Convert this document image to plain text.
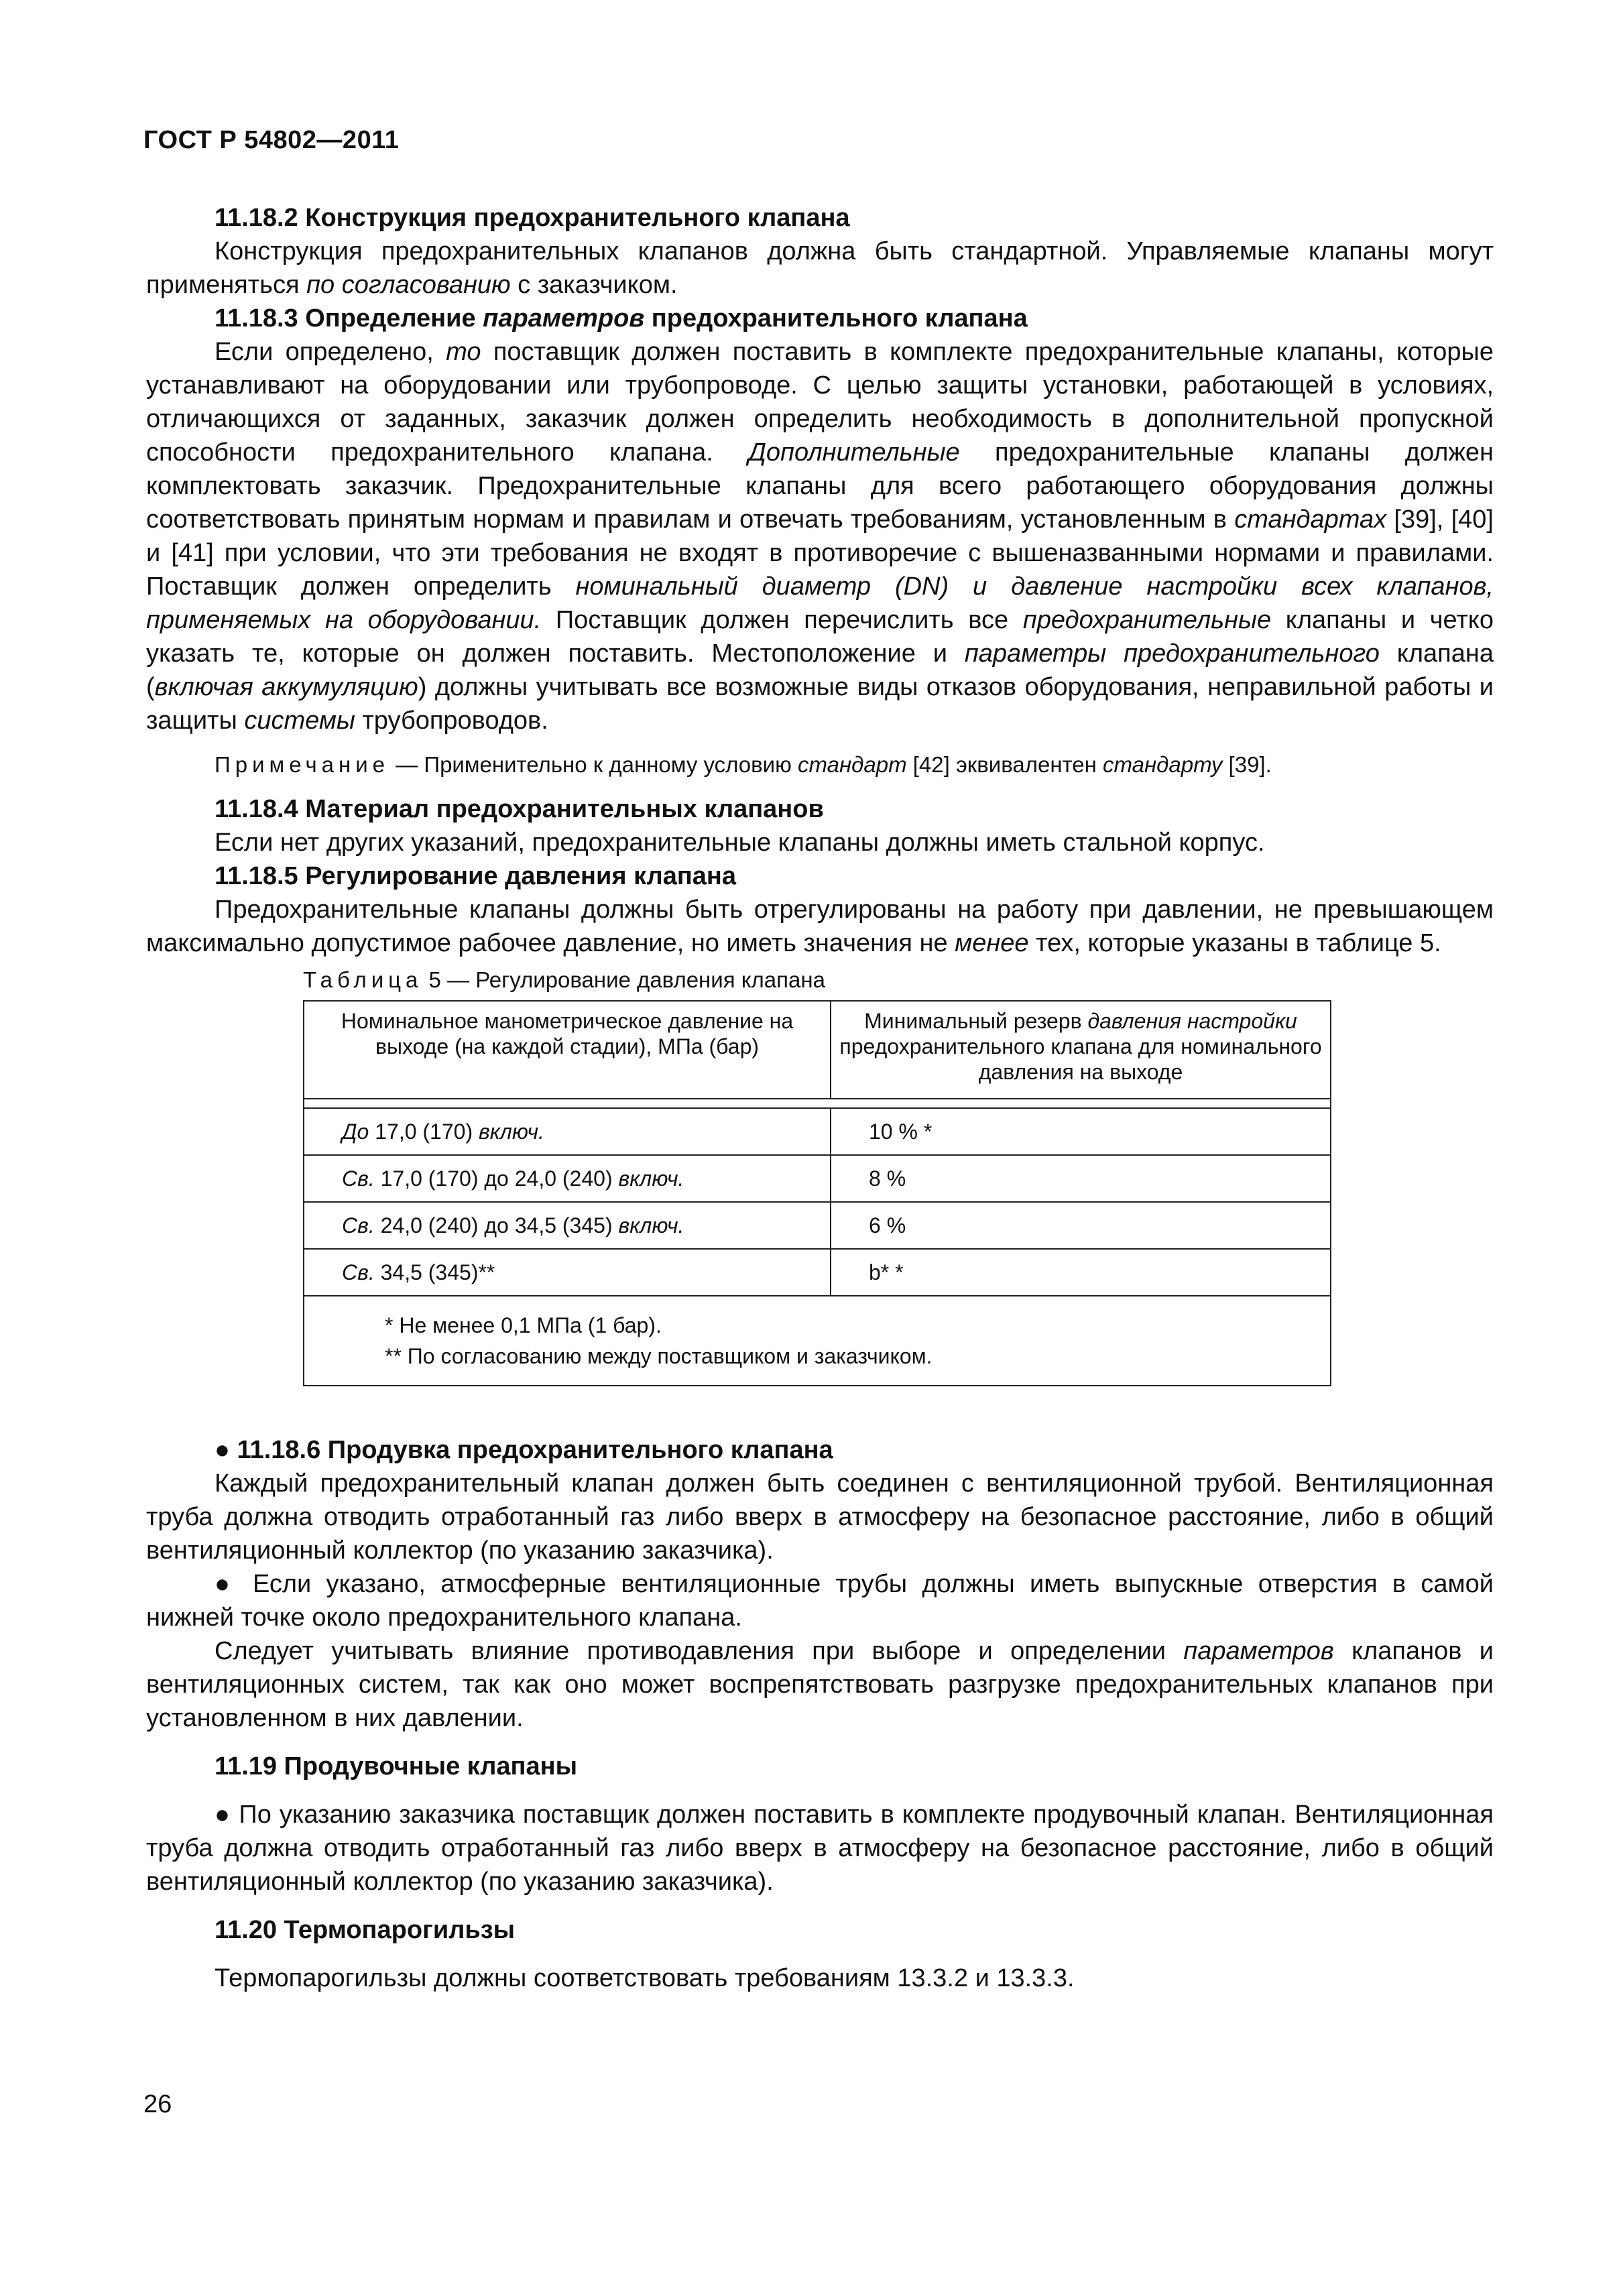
ГОСТ Р 54802—2011

11.18.2 Конструкция предохранительного клапана

Конструкция предохранительных клапанов должна быть стандартной. Управляемые клапаны могут применяться по согласованию с заказчиком.

11.18.3 Определение параметров предохранительного клапана

Если определено, то поставщик должен поставить в комплекте предохранительные клапаны, которые устанавливают на оборудовании или трубопроводе. С целью защиты установки, работающей в условиях, отличающихся от заданных, заказчик должен определить необходимость в дополнительной пропускной способности предохранительного клапана. Дополнительные предохранительные клапаны должен комплектовать заказчик. Предохранительные клапаны для всего работающего оборудования должны соответствовать принятым нормам и правилам и отвечать требованиям, установленным в стандартах [39], [40] и [41] при условии, что эти требования не входят в противоречие с вышеназванными нормами и правилами. Поставщик должен определить номинальный диаметр (DN) и давление настройки всех клапанов, применяемых на оборудовании. Поставщик должен перечислить все предохранительные клапаны и четко указать те, которые он должен поставить. Местоположение и параметры предохранительного клапана (включая аккумуляцию) должны учитывать все возможные виды отказов оборудования, неправильной работы и защиты системы трубопроводов.

Примечание — Применительно к данному условию стандарт [42] эквивалентен стандарту [39].

11.18.4 Материал предохранительных клапанов

Если нет других указаний, предохранительные клапаны должны иметь стальной корпус.

11.18.5 Регулирование давления клапана

Предохранительные клапаны должны быть отрегулированы на работу при давлении, не превышающем максимально допустимое рабочее давление, но иметь значения не менее тех, которые указаны в таблице 5.

Таблица 5 — Регулирование давления клапана

Номинальное манометрическое давление на выходе (на каждой стадии), МПа (бар)	Минимальный резерв давления настройки предохранительного клапана для номинального давления на выходе

До 17,0 (170) включ.	10 % *
Св. 17,0 (170) до 24,0 (240) включ.	8 %
Св. 24,0 (240) до 34,5 (345) включ.	6 %
Св. 34,5 (345)**	b* *

* Не менее 0,1 МПа (1 бар).
** По согласованию между поставщиком и заказчиком.	

● 11.18.6 Продувка предохранительного клапана

Каждый предохранительный клапан должен быть соединен с вентиляционной трубой. Вентиляционная труба должна отводить отработанный газ либо вверх в атмосферу на безопасное расстояние, либо в общий вентиляционный коллектор (по указанию заказчика).

● Если указано, атмосферные вентиляционные трубы должны иметь выпускные отверстия в самой нижней точке около предохранительного клапана.

Следует учитывать влияние противодавления при выборе и определении параметров клапанов и вентиляционных систем, так как оно может воспрепятствовать разгрузке предохранительных клапанов при установленном в них давлении.

11.19 Продувочные клапаны

● По указанию заказчика поставщик должен поставить в комплекте продувочный клапан. Вентиляционная труба должна отводить отработанный газ либо вверх в атмосферу на безопасное расстояние, либо в общий вентиляционный коллектор (по указанию заказчика).

11.20 Термопарогильзы

Термопарогильзы должны соответствовать требованиям 13.3.2 и 13.3.3.

26
